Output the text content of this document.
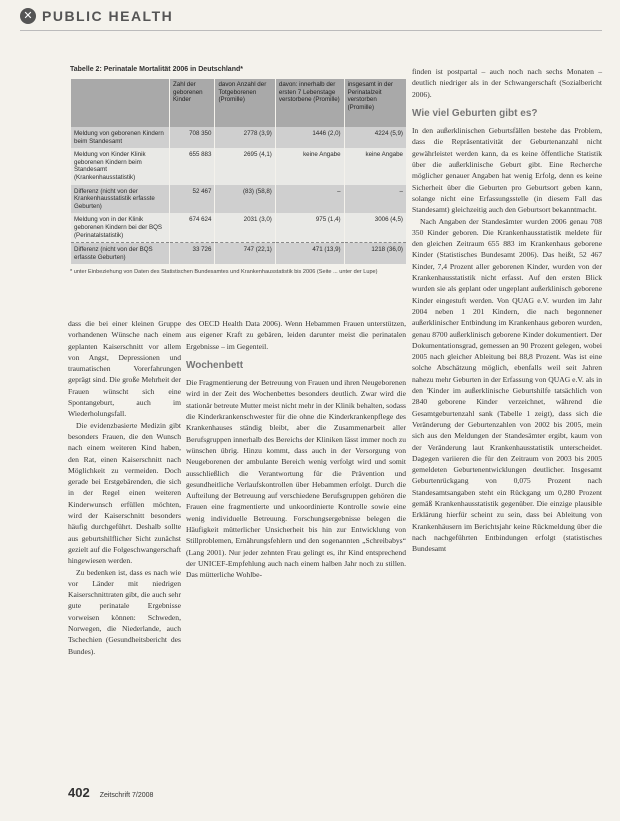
✕ PUBLIC HEALTH
Tabelle 2: Perinatale Mortalität 2006 in Deutschland*
	Zahl der geborenen Kinder	davon Anzahl der Totgeborenen (Promille)	davon: innerhalb der ersten 7 Lebenstage verstorbene (Promille)	insgesamt in der Perinatalzeit verstorben (Promille)
Meldung von geborenen Kindern beim Standesamt	708 350	2778 (3,9)	1446 (2,0)	4224 (5,9)
Meldung von Kinder Klinik geborenen Kindern beim Standesamt (Krankenhausstatistik)	655 883	2695 (4,1)	keine Angabe	keine Angabe
Differenz (nicht von der Krankenhausstatistik erfasste Geburten)	52 467	(83) (58,8)	–	–
Meldung von in der Klinik geborenen Kindern bei der BQS (Perinatalstatistik)	674 624	2031 (3,0)	975 (1,4)	3006 (4,5)
Differenz (nicht von der BQS erfasste Geburten)	33 726	747 (22,1)	471 (13,9)	1218 (36,0)
* unter Einbeziehung von Daten des Statistischen Bundesamtes und Krankenhausstatistik bis 2006 (Seite ... unter der Lupe)

dass die bei einer kleinen Gruppe vorhandenen Wünsche nach einem geplanten Kaiserschnitt vor allem von Angst, Depressionen und traumatischen Vorerfahrungen geprägt sind. Die große Mehrheit der Frauen wünscht sich eine Spontangeburt, auch im Wiederholungsfall.

Die evidenzbasierte Medizin gibt besonders Frauen, die den Wunsch nach einem weiteren Kind haben, den Rat, einen Kaiserschnitt nach Möglichkeit zu vermeiden. Doch gerade bei Erstgebärenden, die sich in der Regel einen weiteren Kinderwunsch erfüllen möchten, wird der Kaiserschnitt besonders häufig durchgeführt. Deshalb sollte aus geburtshilflicher Sicht zunächst gezielt auf die Folgeschwangerschaft hingewiesen werden.

Zu bedenken ist, dass es nach wie vor Länder mit niedrigen Kaiserschnittraten gibt, die auch sehr gute perinatale Ergebnisse vorweisen können: Schweden, Norwegen, die Niederlande, auch Tschechien (Gesundheitsbericht des Bundes).

des OECD Health Data 2006). Wenn Hebammen Frauen unterstützen, aus eigener Kraft zu gebären, leiden darunter meist die perinatalen Ergebnisse – im Gegenteil.

Wochenbett

Die Fragmentierung der Betreuung von Frauen und ihren Neugeborenen wird in der Zeit des Wochenbettes besonders deutlich. Zwar wird die stationär betreute Mutter meist nicht mehr in der Klinik behalten, sodass die Kinderkrankenschwester für die ohne die Kinderkrankenpflege des Krankenhauses ständig bleibt, aber die Zusammenarbeit aller Berufsgruppen innerhalb des Bereichs der Kliniken lässt immer noch zu wünschen übrig. Hinzu kommt, dass auch in der Versorgung von Neugeborenen der ambulante Bereich wenig verfolgt wird und somit ausschließlich die Verantwortung für die Prävention und gesundheitliche Verlaufskontrollen über Hebammen erfolgt. Durch die Aufteilung der Betreuung auf verschiedene Berufsgruppen gehören die Frauen eine fragmentierte und unkoordinierte Kontrolle sowie eine wenig individuelle Betreuung. Forschungsergebnisse belegen die Häufigkeit mütterlicher Unsicherheit bis hin zur Entwicklung von Stillproblemen, Ernährungsfehlern und den sogenannten „Schreibabys“ (Lang 2001). Nur jeder zehnten Frau gelingt es, ihr Kind entsprechend der UNICEF-Empfehlung auch nach einem halben Jahr noch zu stillen. Das mütterliche Wohlbe-

finden ist postpartal – auch noch nach sechs Monaten – deutlich niedriger als in der Schwangerschaft (Sozialbericht 2006).

Wie viel Geburten gibt es?

In den außerklinischen Geburtsfällen bestehe das Problem, dass die Repräsentativität der Geburtenanzahl nicht gewährleistet werden kann, da es keine öffentliche Statistik über die außerklinische Geburt gibt. Eine Recherche möglicher genauer Angaben hat wenig Erfolg, denn es keine Sicherheit über die Geburten pro Geburtsort geben kann, solange nicht eine Erfassungsstelle (in diesem Fall das Standesamt) gleichzeitig auch den Geburtsort bekanntmacht.

Nach Angaben der Standesämter wurden 2006 genau 708 350 Kinder geboren. Die Krankenhausstatistik meldete für den gleichen Zeitraum 655 883 im Krankenhaus geborene Kinder (Statistisches Bundesamt 2006). Das heißt, 52 467 Kinder, 7,4 Prozent aller geborenen Kinder, wurden von der Krankenhausstatistik nicht erfasst. Auf den ersten Blick wurden sie als geplant oder ungeplant außerklinisch geborene Kinder eingestuft werden. Von QUAG e.V. wurden im Jahr 2004 neben 1 201 Kindern, die nach begonnener außerklinischer Entbindung im Krankenhaus geboren wurden, genau 8700 außerklinisch geborene Kinder dokumentiert. Der Dokumentationsgrad, gemessen an 90 Prozent gelegen, wobei 2005 nach gleicher Ableitung bei 88,8 Prozent. Was ist eine solche Abschätzung möglich, ebenfalls weil seit Jahren nahezu mehr Geburten in der Erfassung von QUAG e.V. als in den 'Kinder im außerklinische Geburtshilfe tatsächlich von 2840 geborene Kinder verzeichnet, während die Gesamtgeburtenzahl sank (Tabelle 1 zeigt), dass sich die Veränderung der Geburtenzahlen von 2002 bis 2005, mein sich aus den Meldungen der Standesämter ergibt, kaum von der Veränderung laut Krankenhausstatistik unterscheidet. Dagegen variieren die für den Zeitraum von 2003 bis 2005 gemeldeten Geburtenentwicklungen deutlicher. Insgesamt Geburtenrückgang von 0,075 Prozent nach Standesamtsangaben steht ein Rückgang um 0,280 Prozent gemäß Krankenhausstatistik gegenüber. Die einzige plausible Erklärung hierfür scheint zu sein, dass bei Ableitung von Krankenhäusern im Berichtsjahr keine Rückmeldung über die nach nachgeführten Entbindungen erfolgt (statistisches Bundesamt

402 Zeitschrift 7/2008
